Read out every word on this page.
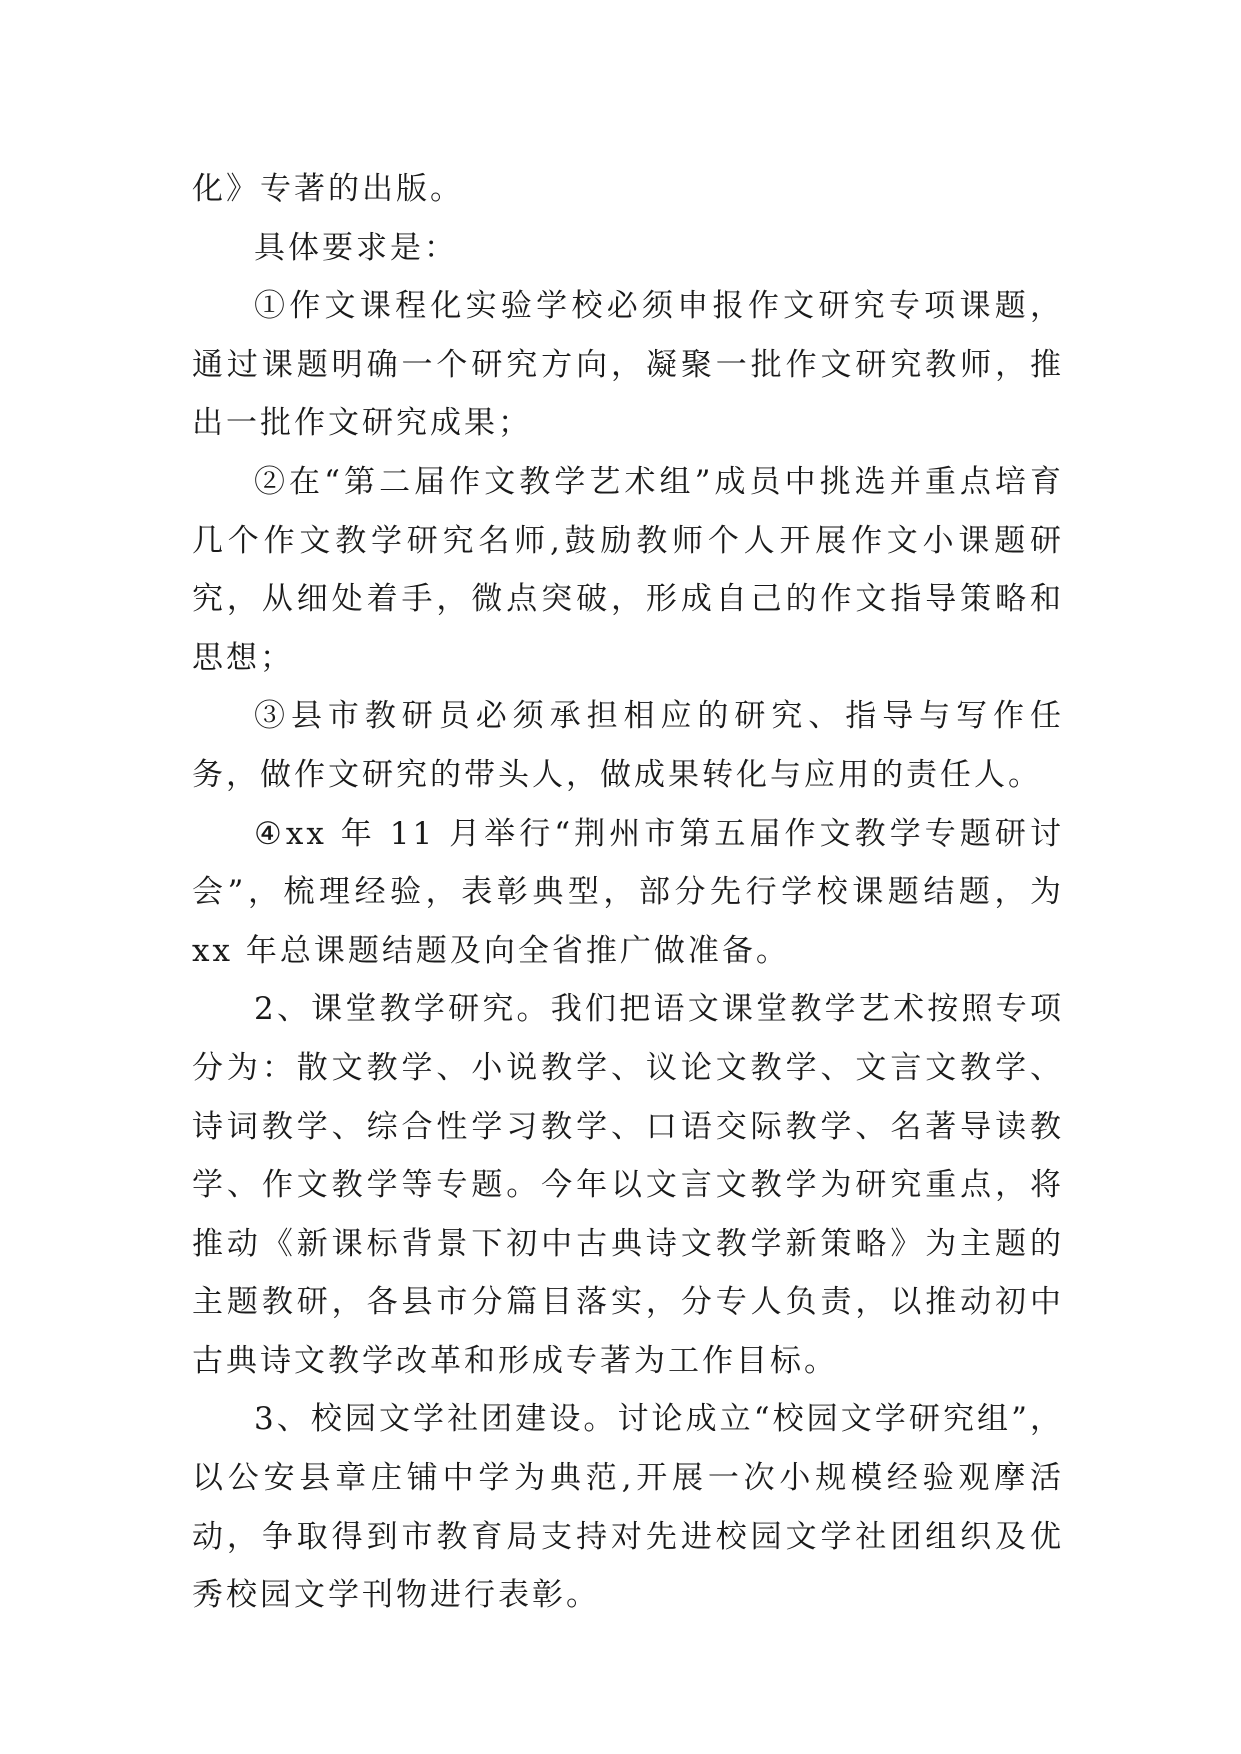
化》专著的出版。

具体要求是：

①作文课程化实验学校必须申报作文研究专项课题，通过课题明确一个研究方向，凝聚一批作文研究教师，推出一批作文研究成果；

②在“第二届作文教学艺术组”成员中挑选并重点培育几个作文教学研究名师,鼓励教师个人开展作文小课题研究，从细处着手，微点突破，形成自己的作文指导策略和思想；

③县市教研员必须承担相应的研究、指导与写作任务，做作文研究的带头人，做成果转化与应用的责任人。

④xx 年 11 月举行“荆州市第五届作文教学专题研讨会”，梳理经验，表彰典型，部分先行学校课题结题，为 xx 年总课题结题及向全省推广做准备。

2、课堂教学研究。我们把语文课堂教学艺术按照专项分为：散文教学、小说教学、议论文教学、文言文教学、诗词教学、综合性学习教学、口语交际教学、名著导读教学、作文教学等专题。今年以文言文教学为研究重点，将推动《新课标背景下初中古典诗文教学新策略》为主题的主题教研，各县市分篇目落实，分专人负责，以推动初中古典诗文教学改革和形成专著为工作目标。

3、校园文学社团建设。讨论成立“校园文学研究组”，以公安县章庄铺中学为典范,开展一次小规模经验观摩活动，争取得到市教育局支持对先进校园文学社团组织及优秀校园文学刊物进行表彰。
